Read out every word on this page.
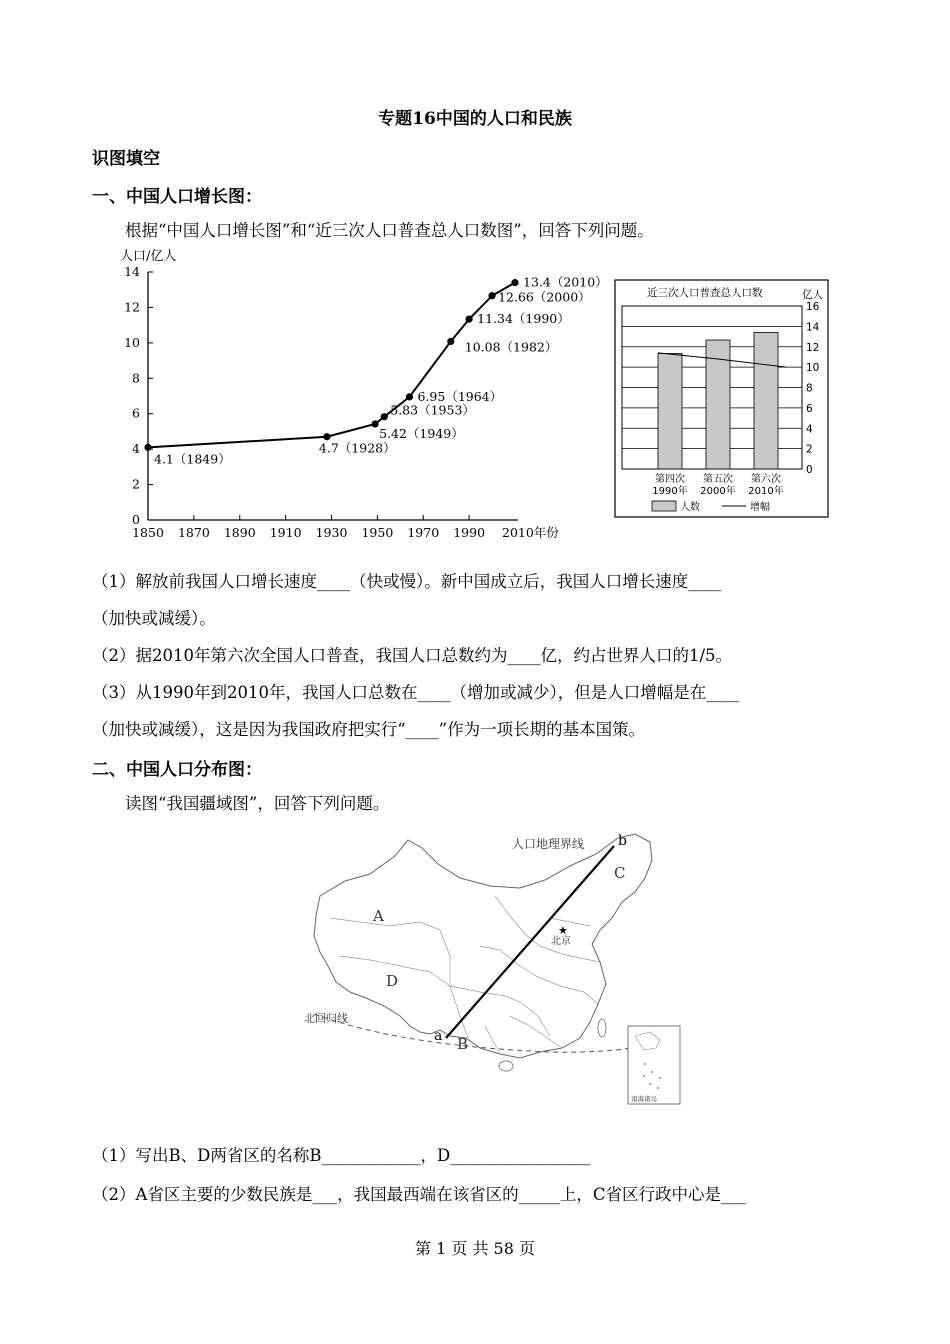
专题16中国的人口和民族
识图填空
一、中国人口增长图：
根据“中国人口增长图”和“近三次人口普查总人口数图”，回答下列问题。
人口/亿人
0
2
4
6
8
10
12
14
1850 1870 1890 1910 1930 1950 1970 1990 2010年份
4.1（1849）
4.7（1928）
5.42（1949）
5.83（1953）
6.95（1964）
10.08（1982）
11.34（1990）
12.66（2000）
13.4（2010）
近三次人口普查总人口数	亿人
0
2
4
6
8
10
12
14
16
第四次
1990年
第五次
2000年
第六次
2010年
人数	增幅
（1）解放前我国人口增长速度____（快或慢）。新中国成立后，我国人口增长速度____
（加快或减缓）。
（2）据2010年第六次全国人口普查，我国人口总数约为____亿，约占世界人口的1/5。
（3）从1990年到2010年，我国人口总数在____（增加或减少），但是人口增幅是在____
（加快或减缓），这是因为我国政府把实行“____”作为一项长期的基本国策。
二、中国人口分布图：
读图“我国疆域图”，回答下列问题。
北回归线
人口地理界线 b
a
A
D
B
C
★
北京
南海诸岛
（1）写出B、D两省区的名称B____________，D_________________
（2）A省区主要的少数民族是___，我国最西端在该省区的_____上，C省区行政中心是___
第 1 页 共 58 页
